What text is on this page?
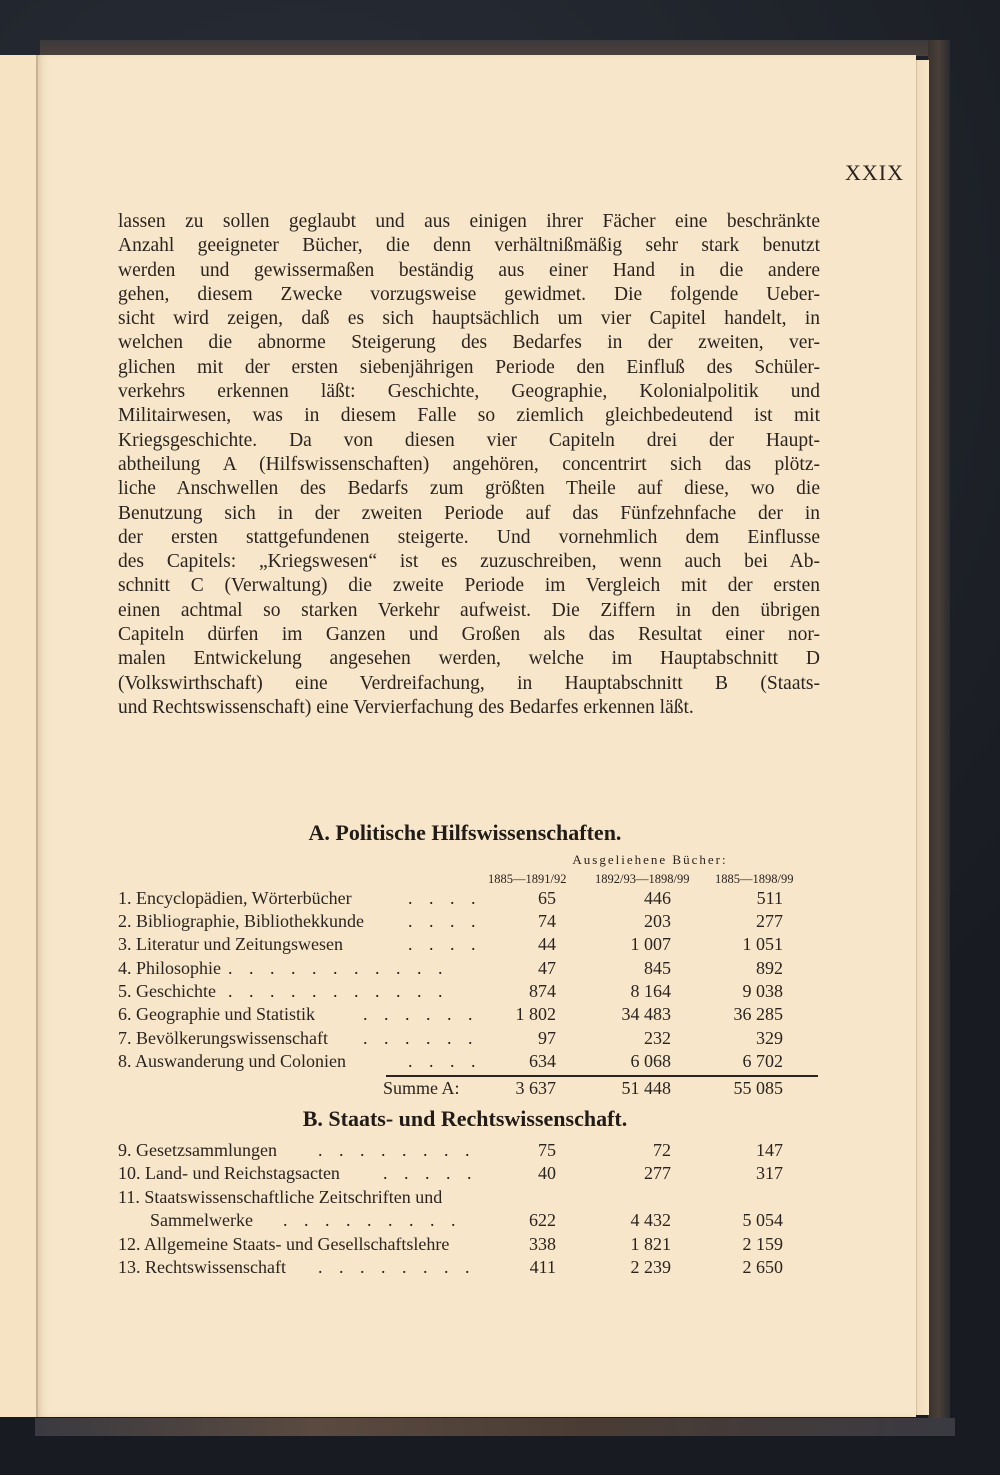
XXIX
lassen zu sollen geglaubt und aus einigen ihrer Fächer eine beschränkte
Anzahl geeigneter Bücher, die denn verhältnißmäßig sehr stark benutzt
werden und gewissermaßen beständig aus einer Hand in die andere
gehen, diesem Zwecke vorzugsweise gewidmet. Die folgende Ueber-
sicht wird zeigen, daß es sich hauptsächlich um vier Capitel handelt, in
welchen die abnorme Steigerung des Bedarfes in der zweiten, ver-
glichen mit der ersten siebenjährigen Periode den Einfluß des Schüler-
verkehrs erkennen läßt: Geschichte, Geographie, Kolonialpolitik und
Militairwesen, was in diesem Falle so ziemlich gleichbedeutend ist mit
Kriegsgeschichte. Da von diesen vier Capiteln drei der Haupt-
abtheilung A (Hilfswissenschaften) angehören, concentrirt sich das plötz-
liche Anschwellen des Bedarfs zum größten Theile auf diese, wo die
Benutzung sich in der zweiten Periode auf das Fünfzehnfache der in
der ersten stattgefundenen steigerte. Und vornehmlich dem Einflusse
des Capitels: „Kriegswesen“ ist es zuzuschreiben, wenn auch bei Ab-
schnitt C (Verwaltung) die zweite Periode im Vergleich mit der ersten
einen achtmal so starken Verkehr aufweist. Die Ziffern in den übrigen
Capiteln dürfen im Ganzen und Großen als das Resultat einer nor-
malen Entwickelung angesehen werden, welche im Hauptabschnitt D
(Volkswirthschaft) eine Verdreifachung, in Hauptabschnitt B (Staats-
und Rechtswissenschaft) eine Vervierfachung des Bedarfes erkennen läßt.
A. Politische Hilfswissenschaften.
Ausgeliehene Bücher:
1885—1891/92 1892/93—1898/99 1885—1898/99
1. Encyclopädien, Wörterbücher	. . . .	65	446	511
2. Bibliographie, Bibliothekkunde . . . .	74	203	277
3. Literatur und Zeitungswesen	. . . .	44	1 007	1 051
4. Philosophie . . . . . . . . . . .	47	845	892
5. Geschichte . . . . . . . . . . .	874	8 164	9 038
6. Geographie und Statistik	. . . . . . 1 802	34 483	36 285
7. Bevölkerungswissenschaft . . . . . .	97	232	329
8. Auswanderung und Colonien	. . . .	634	6 068	6 702
Summe A:	3 637	51 448	55 085
B. Staats- und Rechtswissenschaft.
9. Gesetzsammlungen . . . . . . . .	75	72	147
10. Land- und Reichstagsacten . . . . .	40	277	317
11. Staatswissenschaftliche Zeitschriften und
Sammelwerke . . . . . . . . .	622	4 432	5 054
12. Allgemeine Staats- und Gesellschaftslehre	338	1 821	2 159
13. Rechtswissenschaft . . . . . . . .	411	2 239	2 650
